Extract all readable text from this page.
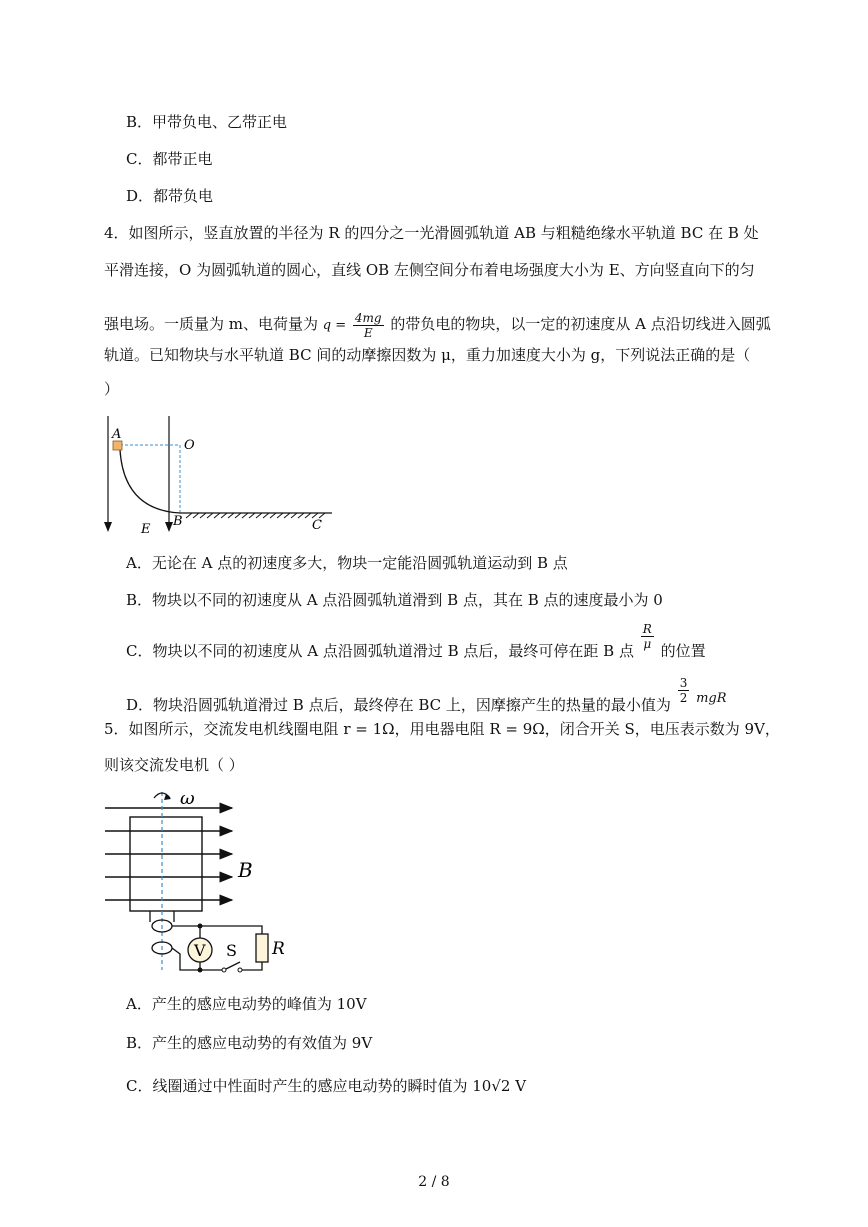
B．甲带负电、乙带正电
C．都带正电
D．都带负电
4．如图所示，竖直放置的半径为 R 的四分之一光滑圆弧轨道 AB 与粗糙绝缘水平轨道 BC 在 B 处
平滑连接，O 为圆弧轨道的圆心，直线 OB 左侧空间分布着电场强度大小为 E、方向竖直向下的匀
强电场。一质量为 m、电荷量为 $q = \frac{4mg}{E}$ 的带负电的物块，以一定的初速度从 A 点沿切线进入圆弧
轨道。已知物块与水平轨道 BC 间的动摩擦因数为 μ，重力加速度大小为 g，下列说法正确的是（
）
A
O
B	C
E
A．无论在 A 点的初速度多大，物块一定能沿圆弧轨道运动到 B 点
B．物块以不同的初速度从 A 点沿圆弧轨道滑到 B 点，其在 B 点的速度最小为 0
C．物块以不同的初速度从 A 点沿圆弧轨道滑过 B 点后，最终可停在距 B 点 $\frac{R}{\mu}$ 的位置
D．物块沿圆弧轨道滑过 B 点后，最终停在 BC 上，因摩擦产生的热量的最小值为 $\frac{3}{2}$ mgR
5．如图所示，交流发电机线圈电阻 r = 1Ω，用电器电阻 R = 9Ω，闭合开关 S，电压表示数为 9V，
则该交流发电机（ ）
ω
B
V S R
A．产生的感应电动势的峰值为 10V
B．产生的感应电动势的有效值为 9V
C．线圈通过中性面时产生的感应电动势的瞬时值为 10√2 V
2 / 8
